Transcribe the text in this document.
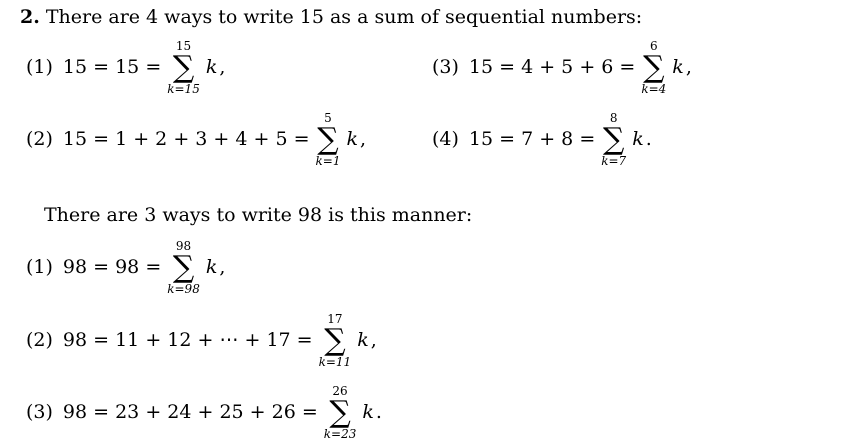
2. There are 4 ways to write 15 as a sum of sequential numbers:
(1) 15 = 15 =
15
∑
k=15
k ,
(2) 15 = 1 + 2 + 3 + 4 + 5 =
5
∑
k=1
k ,
(3) 15 = 4 + 5 + 6 =
6
∑
k=4
k ,
(4) 15 = 7 + 8 =
8
∑
k=7
k .
There are 3 ways to write 98 is this manner:
(1) 98 = 98 =
98
∑
k=98
k ,
(2) 98 = 11 + 12 + ⋯ + 17 =
17
∑
k=11
k ,
(3) 98 = 23 + 24 + 25 + 26 =
26
∑
k=23
k .
